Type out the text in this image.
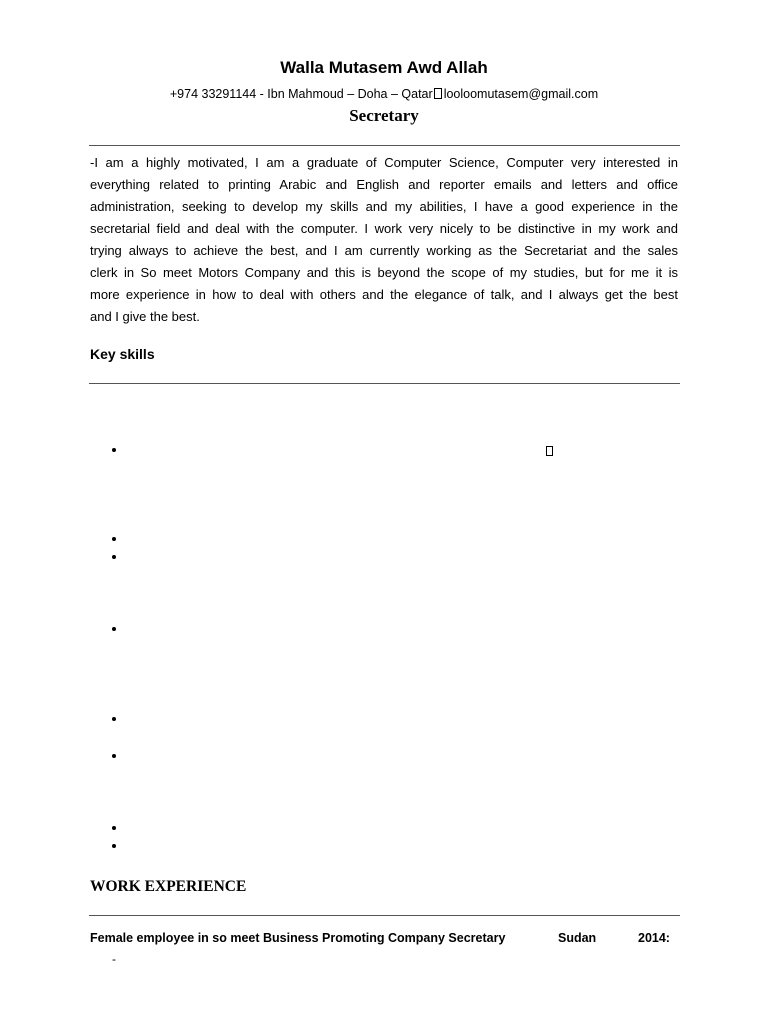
Walla Mutasem Awd Allah
+974 33291144 - Ibn Mahmoud – Doha – Qatar looloomutasem@gmail.com
Secretary
-I am a highly motivated, I am a graduate of Computer Science, Computer very interested in
everything related to printing Arabic and English and reporter emails and letters and office
administration, seeking to develop my skills and my abilities, I have a good experience in the
secretarial field and deal with the computer. I work very nicely to be distinctive in my work and
trying always to achieve the best, and I am currently working as the Secretariat and the sales
clerk in So meet Motors Company and this is beyond the scope of my studies, but for me it is
more experience in how to deal with others and the elegance of talk, and I always get the best
and I give the best.
Key skills
WORK EXPERIENCE
Female employee in so meet Business Promoting Company Secretary	Sudan	2014:
-
